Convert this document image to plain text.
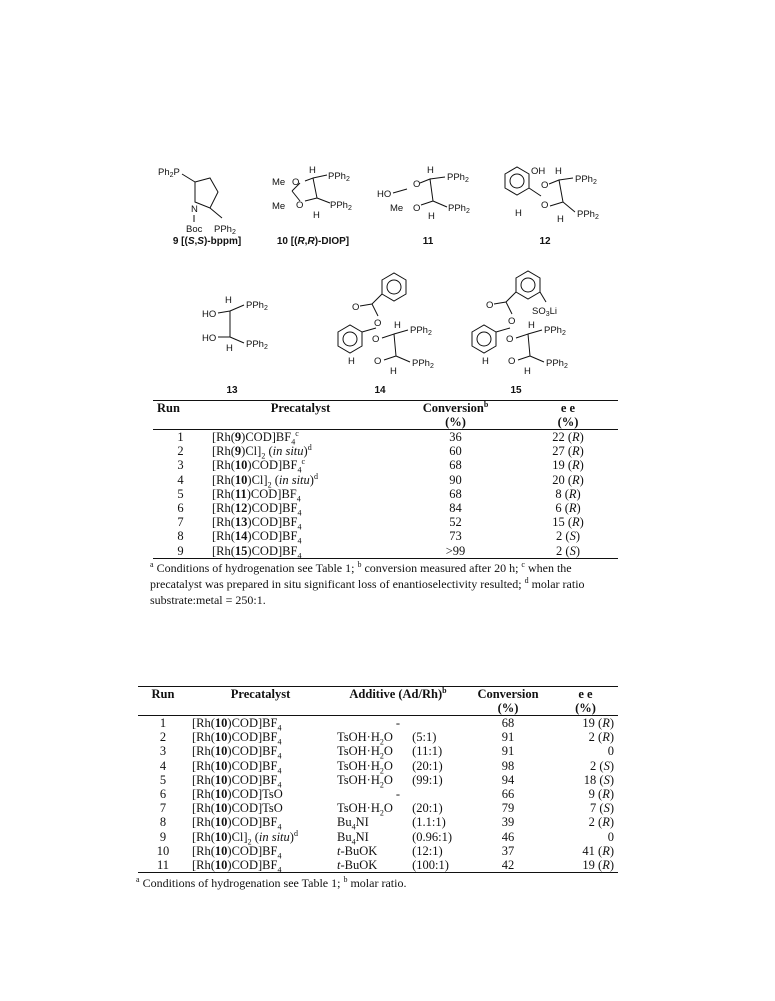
$Ph_2P$
N
Boc PPh$_2$
9 [(S,S)-bppm]
Me
Me
O
O
H
PPh$_2$
PPh$_2$
H
10 [(R,R)-DIOP]
HO
Me
O
O
H
PPh$_2$
PPh$_2$
H
11
OH
O
O
H
H
PPh$_2$
PPh$_2$
H
12
HO
HO
H PPh$_2$
PPh$_2$
H
13
O
O
O
O
H
H PPh$_2$
PPh$_2$
H
14
O
$SO_3Li$
O
O
O
H
H PPh$_2$
PPh$_2$
H
15
Run	Precatalyst	Conversion$^b$	e e
		(%)	(%)
1	$[Rh(9)COD]BF_4^c$	36	22 (R)
2	$[Rh(9)Cl]_2$ (in situ)$^d$	60	27 (R)
3	$[Rh(10)COD]BF_4^c$	68	19 (R)
4	$[Rh(10)Cl]_2$ (in situ)$^d$	90	20 (R)
5	$[Rh(11)COD]BF_4$	68	8 (R)
6	$[Rh(12)COD]BF_4$	84	6 (R)
7	$[Rh(13)COD]BF_4$	52	15 (R)
8	$[Rh(14)COD]BF_4$	73	2 (S)
9	$[Rh(15)COD]BF_4$	>99	2 (S)
$^a$ Conditions of hydrogenation see Table 1; $^b$ conversion measured after 20 h; $^c$ when the precatalyst was prepared in situ significant loss of enantioselectivity resulted; $^d$ molar ratio substrate:metal = 250:1.
Run	Precatalyst	Additive $(Ad/Rh)^b$	Conversion	e e
			(%)	(%)
1	$[Rh(10)COD]BF_4$	-	68	19 (R)
2	$[Rh(10)COD]BF_4$	$TsOH\cdot H_2O$ (5:1)	91	2 (R)
3	$[Rh(10)COD]BF_4$	$TsOH\cdot H_2O$ (11:1)	91	0
4	$[Rh(10)COD]BF_4$	$TsOH\cdot H_2O$ (20:1)	98	2 (S)
5	$[Rh(10)COD]BF_4$	$TsOH\cdot H_2O$ (99:1)	94	18 (S)
6	[Rh(10)COD]TsO	-	66	9 (R)
7	[Rh(10)COD]TsO	$TsOH\cdot H_2O$ (20:1)	79	7 (S)
8	$[Rh(10)COD]BF_4$	$Bu_4NI$ (1.1:1)	39	2 (R)
9	$[Rh(10)Cl]_2$ (in situ)$^d$	$Bu_4NI$ (0.96:1)	46	0
10	$[Rh(10)COD]BF_4$	t-BuOK (12:1)	37	41 (R)
11	$[Rh(10)COD]BF_4$	t-BuOK (100:1)	42	19 (R)
$^a$ Conditions of hydrogenation see Table 1; $^b$ molar ratio.
